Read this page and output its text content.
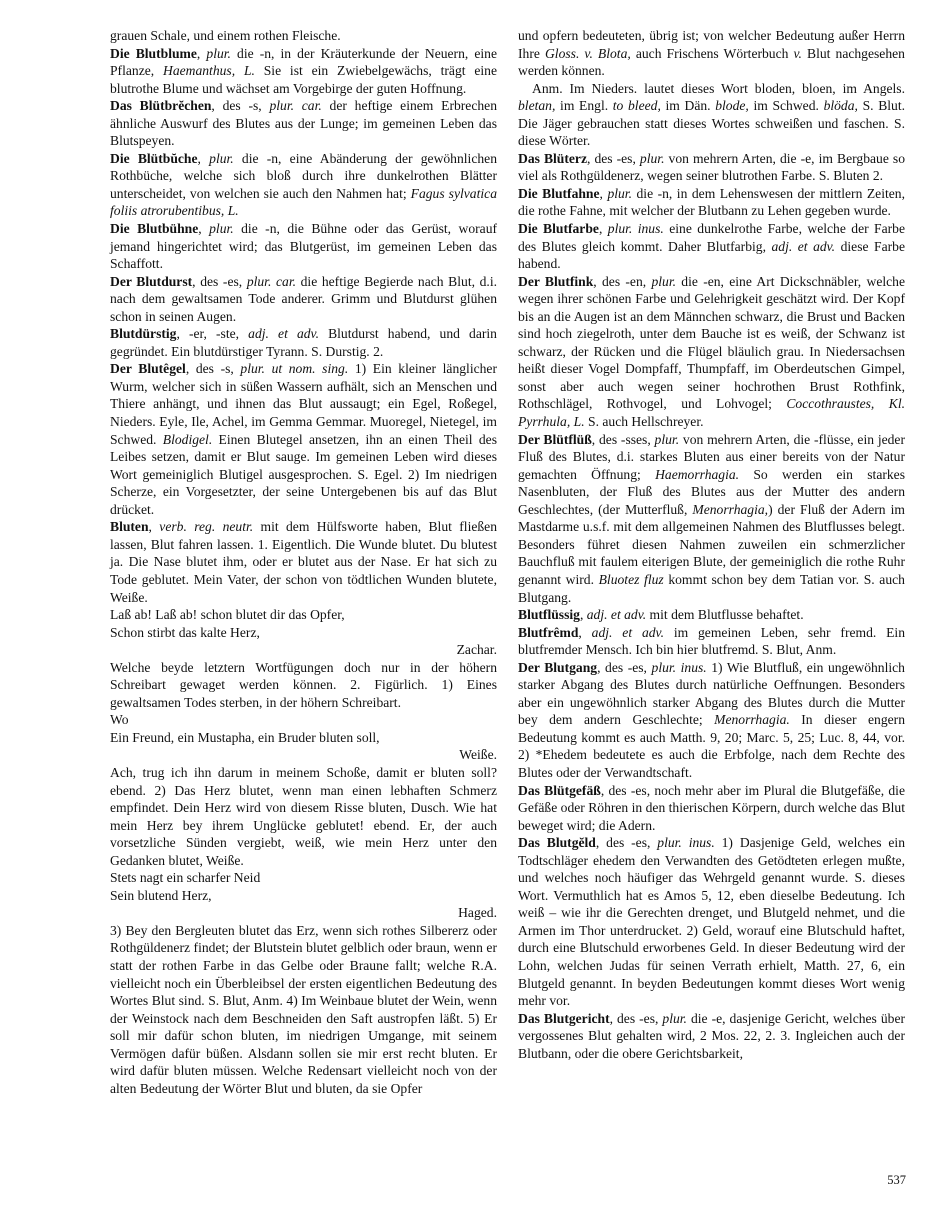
grauen Schale, und einem rothen Fleische.

Die Blutblume, plur. die -n, in der Kräuterkunde der Neuern, eine Pflanze, Haemanthus, L. Sie ist ein Zwiebelgewächs, trägt eine blutrothe Blume und wächset am Vorgebirge der guten Hoffnung.

Das Blütbrĕchen, des -s, plur. car. der heftige einem Erbrechen ähnliche Auswurf des Blutes aus der Lunge; im gemeinen Leben das Blutspeyen.

Die Blütbŭche, plur. die -n, eine Abänderung der gewöhnlichen Rothbüche, welche sich bloß durch ihre dunkelrothen Blätter unterscheidet, von welchen sie auch den Nahmen hat; Fagus sylvatica foliis atrorubentibus, L.

Die Blutbühne, plur. die -n, die Bühne oder das Gerüst, worauf jemand hingerichtet wird; das Blutgerüst, im gemeinen Leben das Schaffott.

Der Blutdurst, des -es, plur. car. die heftige Begierde nach Blut, d.i. nach dem gewaltsamen Tode anderer. Grimm und Blutdurst glühen schon in seinen Augen.

Blutdürstig, -er, -ste, adj. et adv. Blutdurst habend, und darin gegründet. Ein blutdürstiger Tyrann. S. Durstig. 2.

Der Blutêgel, des -s, plur. ut nom. sing. 1) Ein kleiner länglicher Wurm, welcher sich in süßen Wassern aufhält, sich an Menschen und Thiere anhängt, und ihnen das Blut aussaugt; ein Egel, Roßegel, Nieders. Eyle, Ile, Achel, im Gemma Gemmar. Muoregel, Nietegel, im Schwed. Blodigel. Einen Blutegel ansetzen, ihn an einen Theil des Leibes setzen, damit er Blut sauge. Im gemeinen Leben wird dieses Wort gemeiniglich Blutigel ausgesprochen. S. Egel. 2) Im niedrigen Scherze, ein Vorgesetzter, der seine Untergebenen bis auf das Blut drücket.

Bluten, verb. reg. neutr. mit dem Hülfsworte haben, Blut fließen lassen, Blut fahren lassen. 1. Eigentlich. Die Wunde blutet. Du blutest ja. Die Nase blutet ihm, oder er blutet aus der Nase. Er hat sich zu Tode geblutet. Mein Vater, der schon von tödtlichen Wunden blutete, Weiße.

Laß ab! Laß ab! schon blutet dir das Opfer,

Schon stirbt das kalte Herz,

Zachar.

Welche beyde letztern Wortfügungen doch nur in der höhern Schreibart gewaget werden können. 2. Figürlich. 1) Eines gewaltsamen Todes sterben, in der höhern Schreibart.

Wo

Ein Freund, ein Mustapha, ein Bruder bluten soll,

Weiße.

Ach, trug ich ihn darum in meinem Schoße, damit er bluten soll? ebend. 2) Das Herz blutet, wenn man einen lebhaften Schmerz empfindet. Dein Herz wird von diesem Risse bluten, Dusch. Wie hat mein Herz bey ihrem Unglücke geblutet! ebend. Er, der auch vorsetzliche Sünden vergiebt, weiß, wie mein Herz unter den Gedanken blutet, Weiße.

Stets nagt ein scharfer Neid

Sein blutend Herz,

Haged.

3) Bey den Bergleuten blutet das Erz, wenn sich rothes Silbererz oder Rothgüldenerz findet; der Blutstein blutet gelblich oder braun, wenn er statt der rothen Farbe in das Gelbe oder Braune fallt; welche R.A. vielleicht noch ein Überbleibsel der ersten eigentlichen Bedeutung des Wortes Blut sind. S. Blut, Anm. 4) Im Weinbaue blutet der Wein, wenn der Weinstock nach dem Beschneiden den Saft austropfen läßt. 5) Er soll mir dafür schon bluten, im niedrigen Umgange, mit seinem Vermögen dafür büßen. Alsdann sollen sie mir erst recht bluten. Er wird dafür bluten müssen. Welche Redensart vielleicht noch von der alten Bedeutung der Wörter Blut und bluten, da sie Opfer

und opfern bedeuteten, übrig ist; von welcher Bedeutung außer Herrn Ihre Gloss. v. Blota, auch Frischens Wörterbuch v. Blut nachgesehen werden können.

Anm. Im Nieders. lautet dieses Wort bloden, bloen, im Angels. bletan, im Engl. to bleed, im Dän. blode, im Schwed. blöda, S. Blut. Die Jäger gebrauchen statt dieses Wortes schweißen und faschen. S. diese Wörter.

Das Blüterz, des -es, plur. von mehrern Arten, die -e, im Bergbaue so viel als Rothgüldenerz, wegen seiner blutrothen Farbe. S. Bluten 2.

Die Blutfahne, plur. die -n, in dem Lehenswesen der mittlern Zeiten, die rothe Fahne, mit welcher der Blutbann zu Lehen gegeben wurde.

Die Blutfarbe, plur. inus. eine dunkelrothe Farbe, welche der Farbe des Blutes gleich kommt. Daher Blutfarbig, adj. et adv. diese Farbe habend.

Der Blutfink, des -en, plur. die -en, eine Art Dickschnäbler, welche wegen ihrer schönen Farbe und Gelehrigkeit geschätzt wird. Der Kopf bis an die Augen ist an dem Männchen schwarz, die Brust und Backen sind hoch ziegelroth, unter dem Bauche ist es weiß, der Schwanz ist schwarz, der Rücken und die Flügel bläulich grau. In Niedersachsen heißt dieser Vogel Dompfaff, Thumpfaff, im Oberdeutschen Gimpel, sonst aber auch wegen seiner hochrothen Brust Rothfink, Rothschlägel, Rothvogel, und Lohvogel; Coccothraustes, Kl. Pyrrhula, L. S. auch Hellschreyer.

Der Blütflüß, des -sses, plur. von mehrern Arten, die -flüsse, ein jeder Fluß des Blutes, d.i. starkes Bluten aus einer bereits von der Natur gemachten Öffnung; Haemorrhagia. So werden ein starkes Nasenbluten, der Fluß des Blutes aus der Mutter des andern Geschlechtes, (der Mutterfluß, Menorrhagia,) der Fluß der Adern im Mastdarme u.s.f. mit dem allgemeinen Nahmen des Blutflusses belegt. Besonders führet diesen Nahmen zuweilen ein schmerzlicher Bauchfluß mit faulem eiterigen Blute, der gemeiniglich die rothe Ruhr genannt wird. Bluotez fluz kommt schon bey dem Tatian vor. S. auch Blutgang.

Blutflüssig, adj. et adv. mit dem Blutflusse behaftet.

Blutfrêmd, adj. et adv. im gemeinen Leben, sehr fremd. Ein blutfremder Mensch. Ich bin hier blutfremd. S. Blut, Anm.

Der Blutgang, des -es, plur. inus. 1) Wie Blutfluß, ein ungewöhnlich starker Abgang des Blutes durch natürliche Oeffnungen. Besonders aber ein ungewöhnlich starker Abgang des Blutes durch die Mutter bey dem andern Geschlechte; Menorrhagia. In dieser engern Bedeutung kommt es auch Matth. 9, 20; Marc. 5, 25; Luc. 8, 44, vor. 2) *Ehedem bedeutete es auch die Erbfolge, nach dem Rechte des Blutes oder der Verwandtschaft.

Das Blütgefäß, des -es, noch mehr aber im Plural die Blutgefäße, die Gefäße oder Röhren in den thierischen Körpern, durch welche das Blut beweget wird; die Adern.

Das Blutgĕld, des -es, plur. inus. 1) Dasjenige Geld, welches ein Todtschläger ehedem den Verwandten des Getödteten erlegen mußte, und welches noch häufiger das Wehrgeld genannt wurde. S. dieses Wort. Vermuthlich hat es Amos 5, 12, eben dieselbe Bedeutung. Ich weiß – wie ihr die Gerechten drenget, und Blutgeld nehmet, und die Armen im Thor unterdrucket. 2) Geld, worauf eine Blutschuld haftet, durch eine Blutschuld erworbenes Geld. In dieser Bedeutung wird der Lohn, welchen Judas für seinen Verrath erhielt, Matth. 27, 6, ein Blutgeld genannt. In beyden Bedeutungen kommt dieses Wort wenig mehr vor.

Das Blutgericht, des -es, plur. die -e, dasjenige Gericht, welches über vergossenes Blut gehalten wird, 2 Mos. 22, 2. 3. Ingleichen auch der Blutbann, oder die obere Gerichtsbarkeit,

537
